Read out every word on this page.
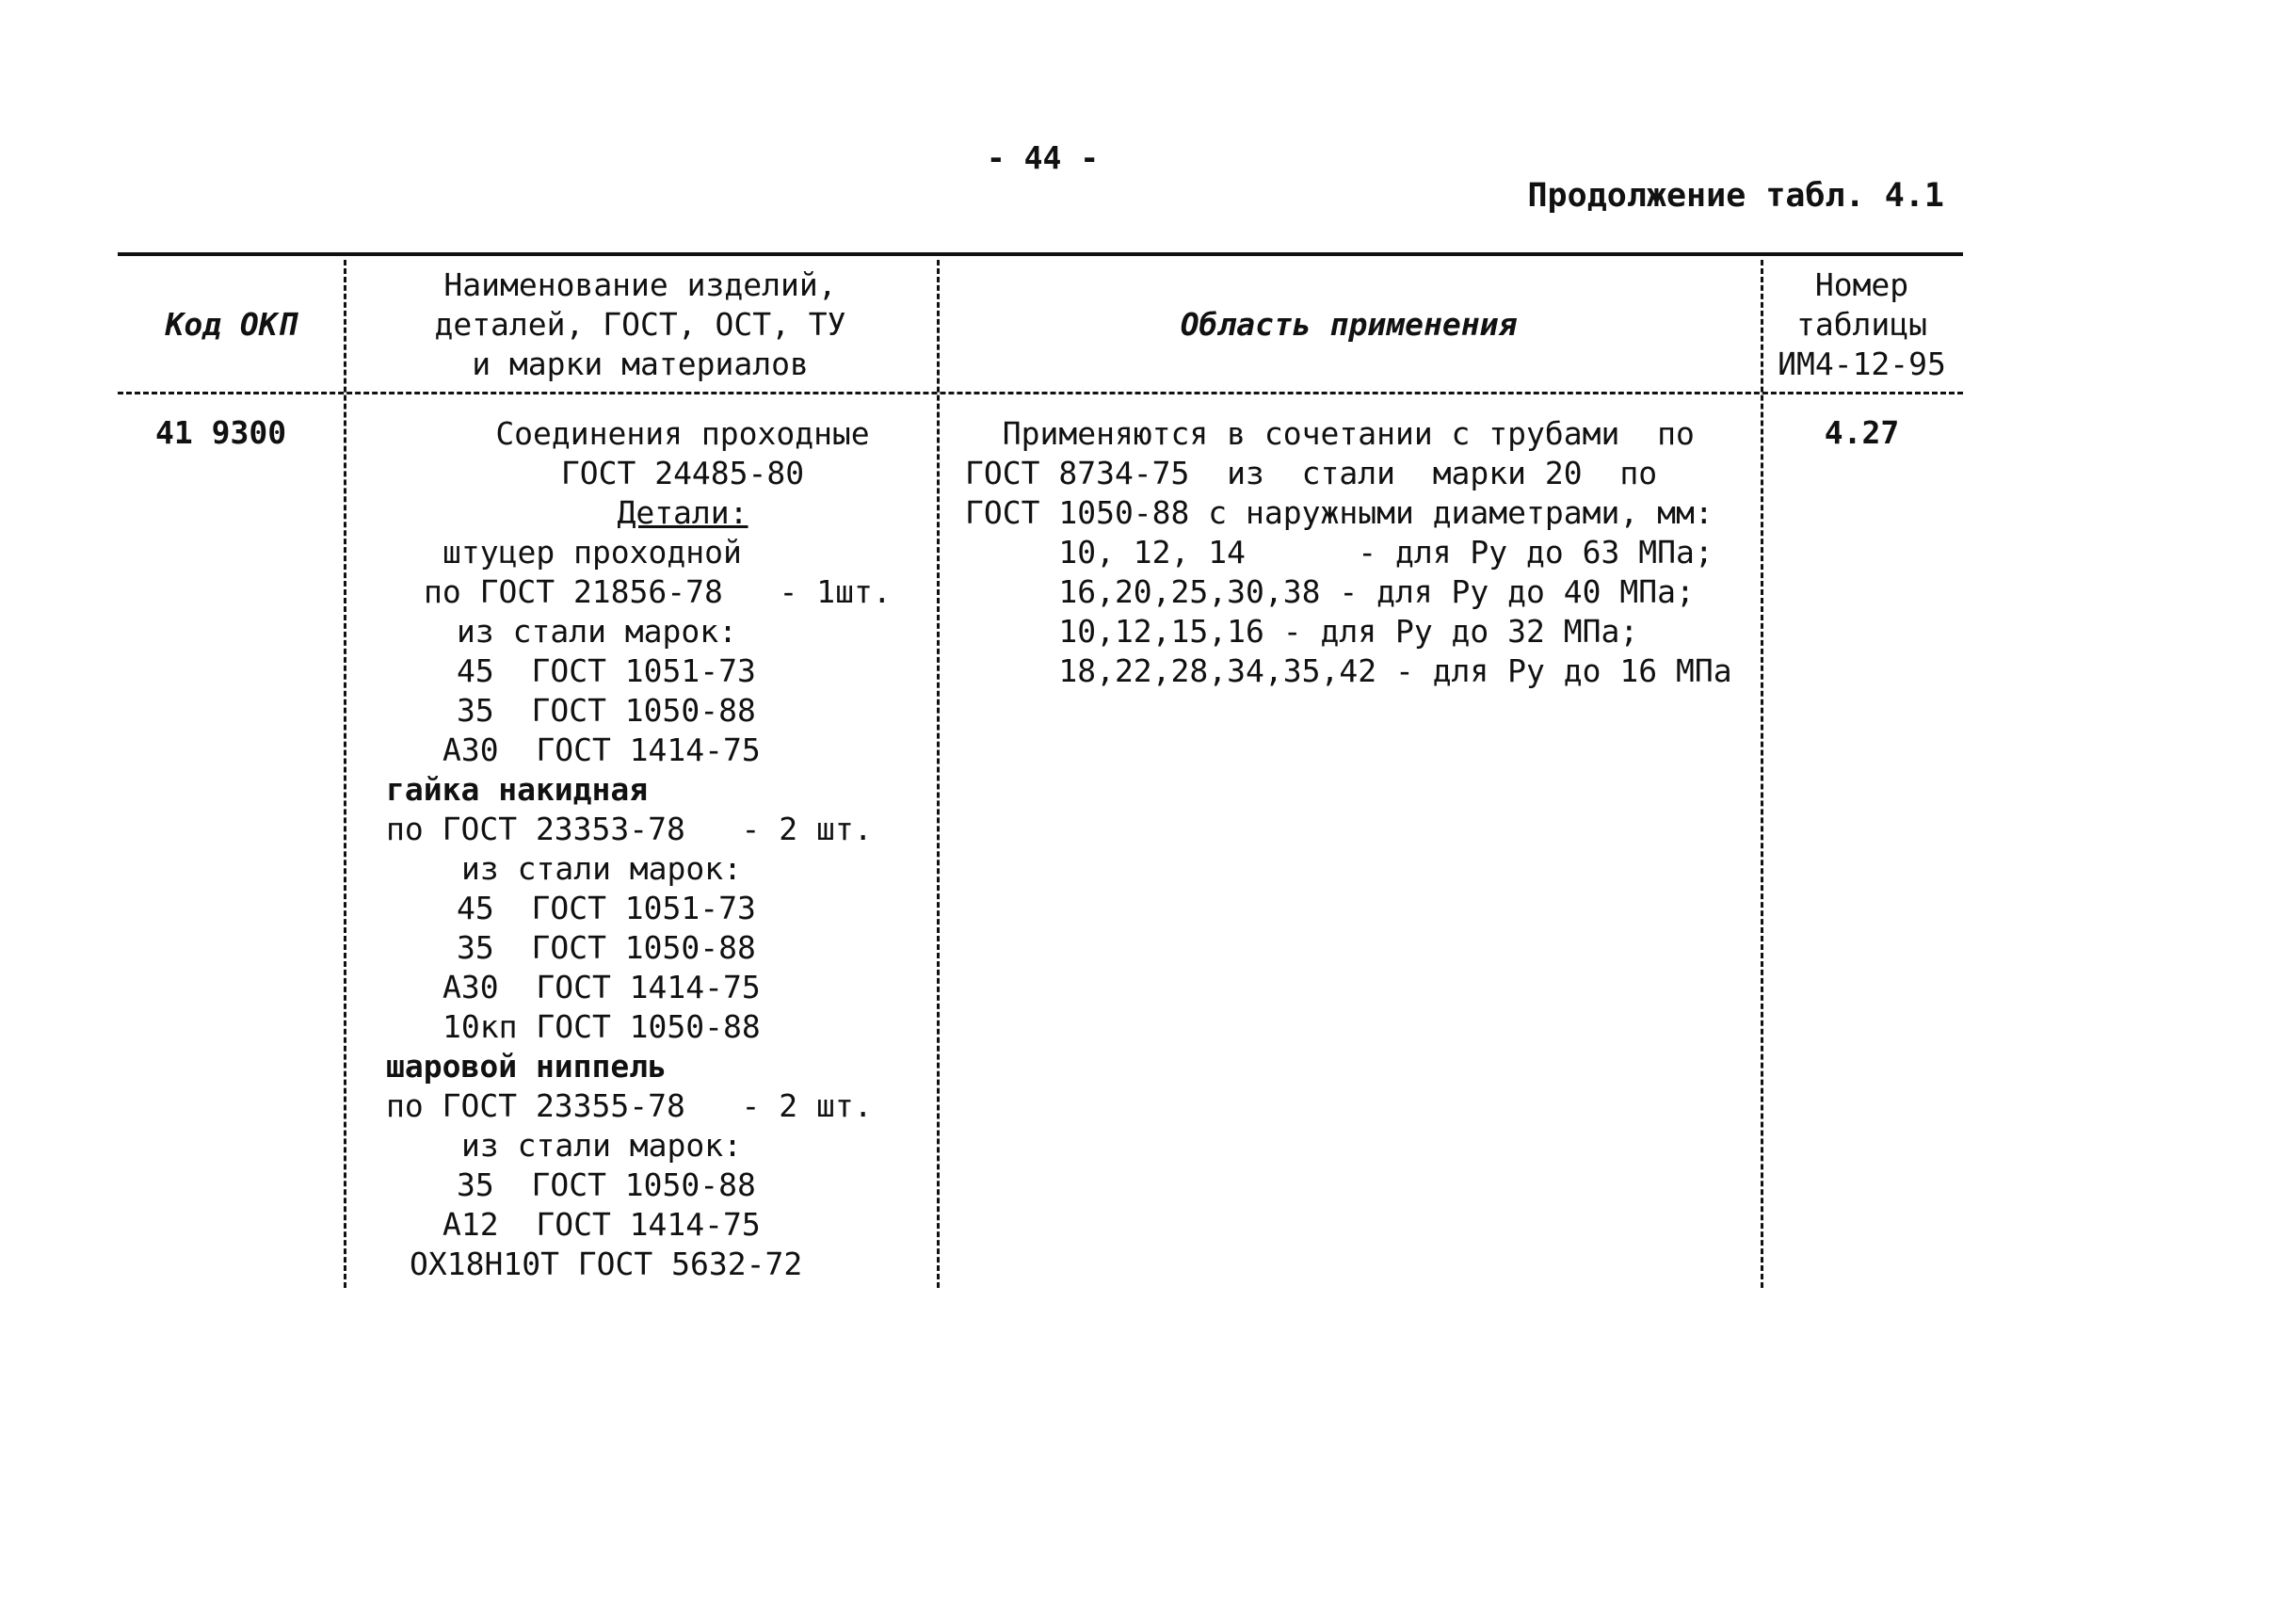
- 44 -
Продолжение табл. 4.1
Код ОКП
Наименование изделий,
деталей, ГОСТ, ОСТ, ТУ
и марки материалов
Область применения
Номер
таблицы
ИМ4-12-95
41 9300	Соединения проходные
ГОСТ 24485-80
Детали:
штуцер проходной
по ГОСТ 21856-78   - 1шт.
из стали марок:
45  ГОСТ 1051-73
35  ГОСТ 1050-88
А30  ГОСТ 1414-75
гайка накидная
по ГОСТ 23353-78   - 2 шт.
из стали марок:
45  ГОСТ 1051-73
35  ГОСТ 1050-88
А30  ГОСТ 1414-75
10кп ГОСТ 1050-88
шаровой ниппель
по ГОСТ 23355-78   - 2 шт.
из стали марок:
35  ГОСТ 1050-88
А12  ГОСТ 1414-75
ОХ18Н10Т ГОСТ 5632-72
Применяются в сочетании с трубами  по
ГОСТ 8734-75  из  стали  марки 20  по
ГОСТ 1050-88 с наружными диаметрами, мм:
10, 12, 14      - для Ру до 63 МПа;
16,20,25,30,38 - для Ру до 40 МПа;
10,12,15,16 - для Ру до 32 МПа;
18,22,28,34,35,42 - для Ру до 16 МПа
4.27
